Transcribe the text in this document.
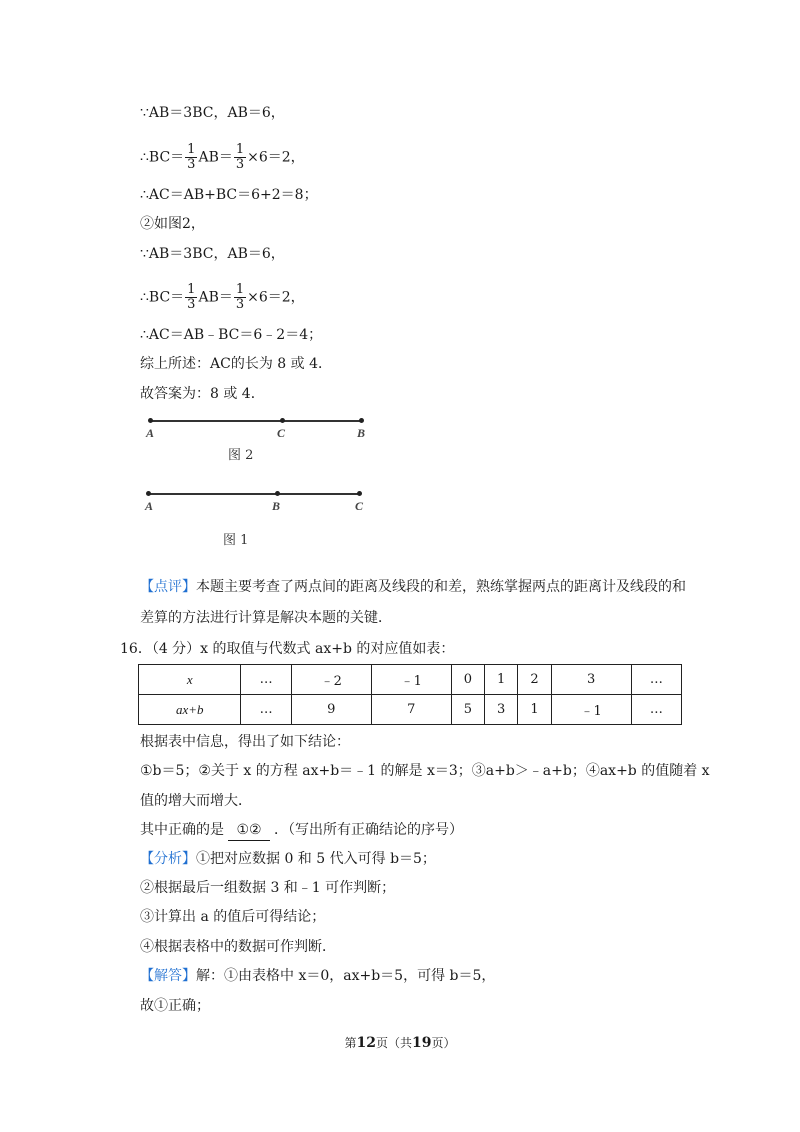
∵AB＝3BC，AB＝6，
∴BC＝ $\frac{1}{3} AB= \frac{1}{3} \times 6=2$，
∴AC＝AB+BC＝6+2＝8；
②如图2，
∵AB＝3BC，AB＝6，
∴BC＝ $\frac{1}{3} AB= \frac{1}{3} \times 6=2$，
∴AC＝AB﹣BC＝6﹣2＝4；
综上所述：AC的长为 8 或 4．
故答案为：8 或 4．
A	C	B
图 2
A	B	C
图 1
【点评】本题主要考查了两点间的距离及线段的和差，熟练掌握两点的距离计及线段的和
差算的方法进行计算是解决本题的关键．
16．（4 分）x 的取值与代数式 ax+b 的对应值如表：
x	…	﹣2	﹣1	0	1	2	3	…
ax+b	…	9	7	5	3	1	﹣1	…
根据表中信息，得出了如下结论：
①b＝5；②关于 x 的方程 ax+b＝﹣1 的解是 x＝3；③a+b＞﹣a+b；④ax+b 的值随着 x
值的增大而增大．
其中正确的是 ①② ．（写出所有正确结论的序号）
【分析】①把对应数据 0 和 5 代入可得 b＝5；
②根据最后一组数据 3 和﹣1 可作判断；
③计算出 a 的值后可得结论；
④根据表格中的数据可作判断．
【解答】解：①由表格中 x＝0，ax+b＝5，可得 b＝5，
故①正确；
第12页（共19页）
